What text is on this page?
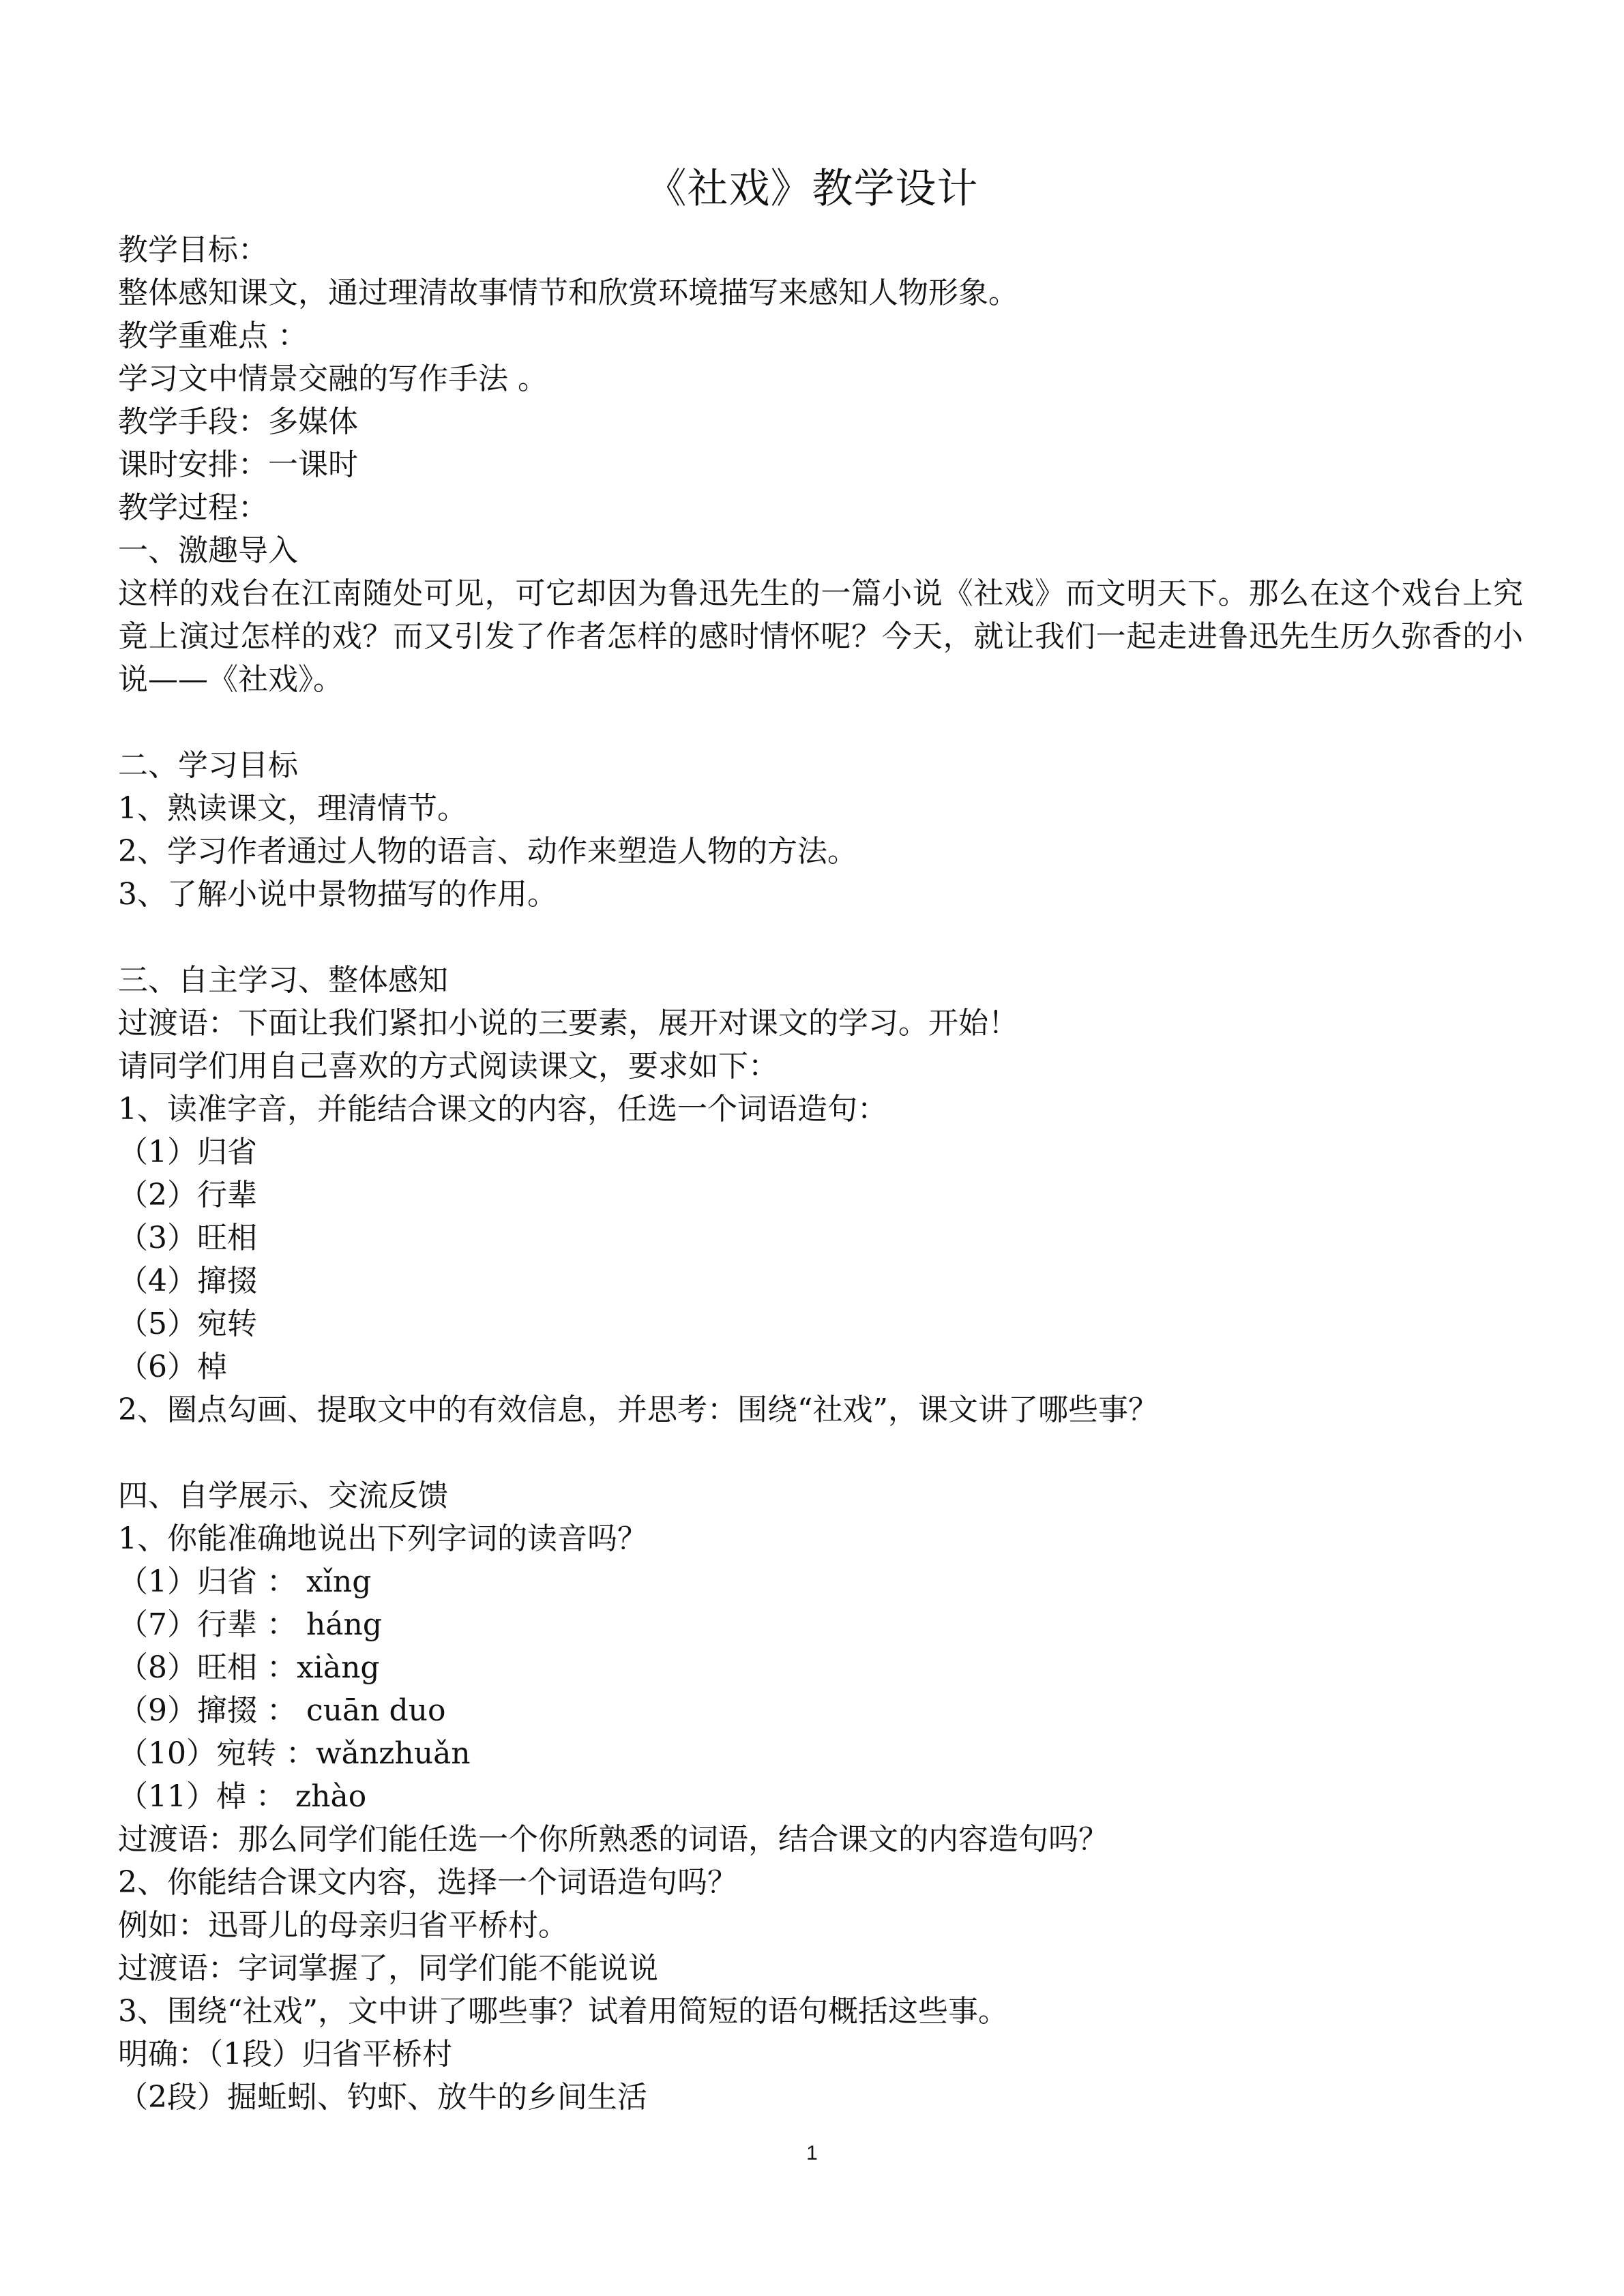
《社戏》教学设计
教学目标：
整体感知课文，通过理清故事情节和欣赏环境描写来感知人物形象。
教学重难点 ：
学习文中情景交融的写作手法 。
教学手段：多媒体
课时安排：一课时
教学过程：
一、激趣导入
这样的戏台在江南随处可见，可它却因为鲁迅先生的一篇小说《社戏》而文明天下。那么在这个戏台上究竟上演过怎样的戏？而又引发了作者怎样的感时情怀呢？今天，就让我们一起走进鲁迅先生历久弥香的小说——《社戏》。
二、学习目标
1、熟读课文，理清情节。
2、学习作者通过人物的语言、动作来塑造人物的方法。
3、了解小说中景物描写的作用。
三、自主学习、整体感知
过渡语：下面让我们紧扣小说的三要素，展开对课文的学习。开始！
请同学们用自己喜欢的方式阅读课文，要求如下：
1、读准字音，并能结合课文的内容，任选一个词语造句：
（1）归省
（2）行辈
（3）旺相
（4）撺掇
（5）宛转
（6）棹
2、圈点勾画、提取文中的有效信息，并思考：围绕“社戏”，课文讲了哪些事？
四、自学展示、交流反馈
1、你能准确地说出下列字词的读音吗？
（1）归省 ： xǐng
（7）行辈 ： háng
（8）旺相 ：xiàng
（9）撺掇 ： cuān duo
（10）宛转 ：wǎnzhuǎn
（11）棹 ： zhào
过渡语：那么同学们能任选一个你所熟悉的词语，结合课文的内容造句吗？
2、你能结合课文内容，选择一个词语造句吗？
例如：迅哥儿的母亲归省平桥村。
过渡语：字词掌握了，同学们能不能说说
3、围绕“社戏”，文中讲了哪些事？试着用简短的语句概括这些事。
明确：（1段）归省平桥村
（2段）掘蚯蚓、钓虾、放牛的乡间生活
1
